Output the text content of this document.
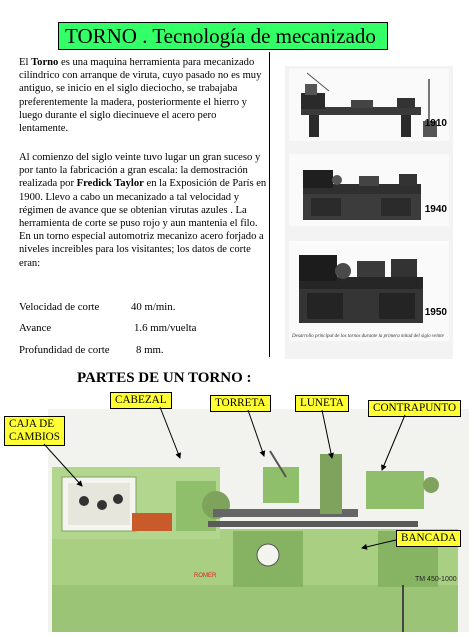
TORNO . Tecnología de mecanizado
El Torno es una maquina herramienta para mecanizado cilíndrico con arranque de viruta, cuyo pasado no es muy antiguo, se inicio en el siglo dieciocho, se trabajaba preferentemente la madera, posteriormente el hierro y luego durante el siglo diecinueve el acero pero lentamente.
Al comienzo del siglo veinte tuvo lugar un gran suceso y por tanto la fabricación a gran escala: la demostración realizada por Fredick Taylor en la Exposición de París en 1900. Llevo a cabo un mecanizado a tal velocidad y régimen de avance que se obtenian virutas azules . La herramienta de corte se puso rojo y aun mantenia el filo. En un torno especial automotriz mecanizo acero forjado a niveles increibles para los visitantes; los datos de corte eran:
Velocidad de corte	40 m/min.
Avance	1.6 mm/vuelta
Profundidad de corte 8 mm.
1910
1940
1950
Desarrollo principal de los tornos durante la primera mitad del siglo veinte
PARTES DE UN TORNO :
TM 450-1000
ROMER
CAJA DE
CAMBIOS
CABEZAL	TORRETA	LUNETA	CONTRAPUNTO
BANCADA
